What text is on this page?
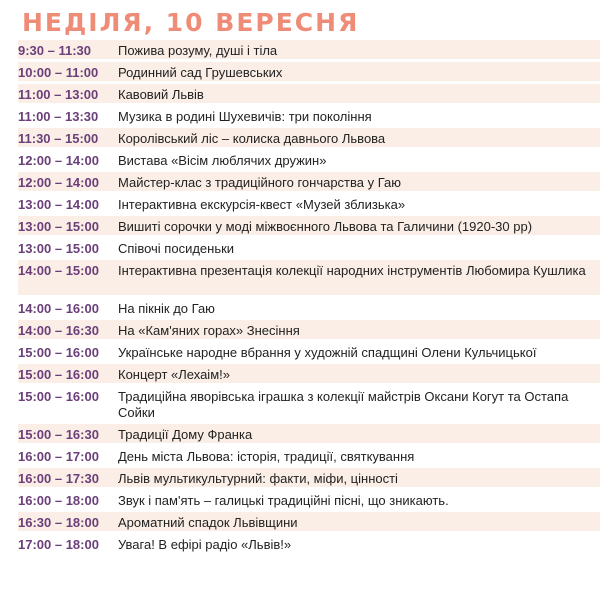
НЕДІЛЯ, 10 ВЕРЕСНЯ
9:30 – 11:30	Пожива розуму, душі і тіла
10:00 – 11:00	Родинний сад Грушевських
11:00 – 13:00	Кавовий Львів
11:00 – 13:30	Музика в родині Шухевичів: три покоління
11:30 – 15:00	Королівський ліс – колиска давнього Львова
12:00 – 14:00	Вистава «Вісім люблячих дружин»
12:00 – 14:00	Майстер-клас з традиційного гончарства у Гаю
13:00 – 14:00	Інтерактивна екскурсія-квест «Музей зблизька»
13:00 – 15:00	Вишиті сорочки у моді міжвоєнного Львова та Галичини (1920-30 рр)
13:00 – 15:00	Співочі посиденьки
14:00 – 15:00	Інтерактивна презентація колекції народних інструментів Любомира Кушлика
14:00 – 16:00	На пікнік до Гаю
14:00 – 16:30	На «Кам'яних горах» Знесіння
15:00 – 16:00	Українське народне вбрання у художній спадщині Олени Кульчицької
15:00 – 16:00	Концерт «Лехаім!»
15:00 – 16:00	Традиційна яворівська іграшка з колекції майстрів Оксани Когут та Остапа Сойки
15:00 – 16:30	Традиції Дому Франка
16:00 – 17:00	День міста Львова: історія, традиції, святкування
16:00 – 17:30	Львів мультикультурний: факти, міфи, цінності
16:00 – 18:00	Звук і пам'ять – галицькі традиційні пісні, що зникають.
16:30 – 18:00	Ароматний спадок Львівщини
17:00 – 18:00	Увага! В ефірі радіо «Львів!»
